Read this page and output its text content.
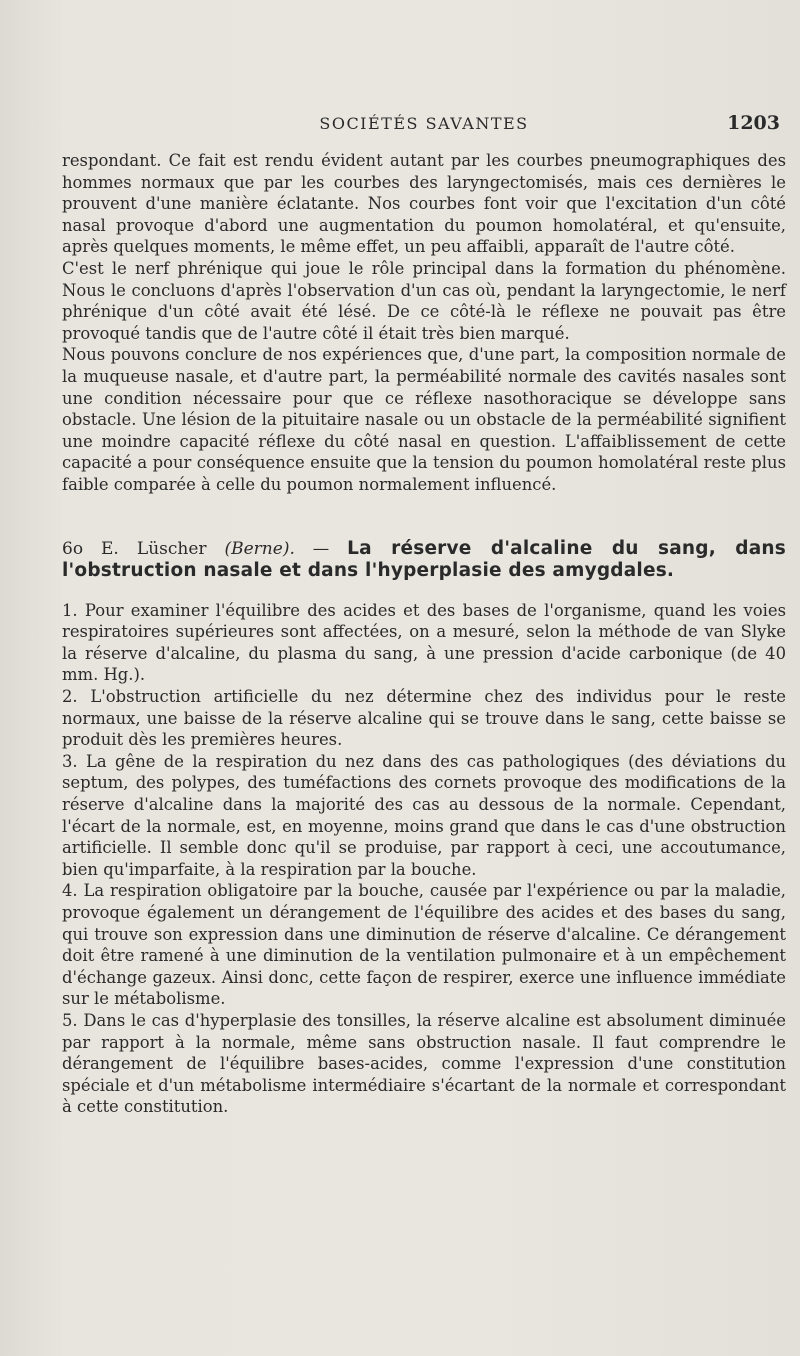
SOCIÉTÉS SAVANTES	1203

respondant. Ce fait est rendu évident autant par les courbes pneumographiques des hommes normaux que par les courbes des laryngectomisés, mais ces dernières le prouvent d'une manière éclatante. Nos courbes font voir que l'excitation d'un côté nasal provoque d'abord une augmentation du poumon homolatéral, et qu'ensuite, après quelques moments, le même effet, un peu affaibli, apparaît de l'autre côté.

C'est le nerf phrénique qui joue le rôle principal dans la formation du phénomène. Nous le concluons d'après l'observation d'un cas où, pendant la laryngectomie, le nerf phrénique d'un côté avait été lésé. De ce côté-là le réflexe ne pouvait pas être provoqué tandis que de l'autre côté il était très bien marqué.

Nous pouvons conclure de nos expériences que, d'une part, la composition normale de la muqueuse nasale, et d'autre part, la perméabilité normale des cavités nasales sont une condition nécessaire pour que ce réflexe nasothoracique se développe sans obstacle. Une lésion de la pituitaire nasale ou un obstacle de la perméabilité signifient une moindre capacité réflexe du côté nasal en question. L'affaiblissement de cette capacité a pour conséquence ensuite que la tension du poumon homolatéral reste plus faible comparée à celle du poumon normalement influencé.

6o E. Lüscher (Berne). — La réserve d'alcaline du sang, dans l'obstruction nasale et dans l'hyperplasie des amygdales.

1. Pour examiner l'équilibre des acides et des bases de l'organisme, quand les voies respiratoires supérieures sont affectées, on a mesuré, selon la méthode de van Slyke la réserve d'alcaline, du plasma du sang, à une pression d'acide carbonique (de 40 mm. Hg.).

2. L'obstruction artificielle du nez détermine chez des individus pour le reste normaux, une baisse de la réserve alcaline qui se trouve dans le sang, cette baisse se produit dès les premières heures.

3. La gêne de la respiration du nez dans des cas pathologiques (des déviations du septum, des polypes, des tuméfactions des cornets provoque des modifications de la réserve d'alcaline dans la majorité des cas au dessous de la normale. Cependant, l'écart de la normale, est, en moyenne, moins grand que dans le cas d'une obstruction artificielle. Il semble donc qu'il se produise, par rapport à ceci, une accoutumance, bien qu'imparfaite, à la respiration par la bouche.

4. La respiration obligatoire par la bouche, causée par l'expérience ou par la maladie, provoque également un dérangement de l'équilibre des acides et des bases du sang, qui trouve son expression dans une diminution de réserve d'alcaline. Ce dérangement doit être ramené à une diminution de la ventilation pulmonaire et à un empêchement d'échange gazeux. Ainsi donc, cette façon de respirer, exerce une influence immédiate sur le métabolisme.

5. Dans le cas d'hyperplasie des tonsilles, la réserve alcaline est absolument diminuée par rapport à la normale, même sans obstruction nasale. Il faut comprendre le dérangement de l'équilibre bases-acides, comme l'expression d'une constitution spéciale et d'un métabolisme intermédiaire s'écartant de la normale et correspondant à cette constitution.
